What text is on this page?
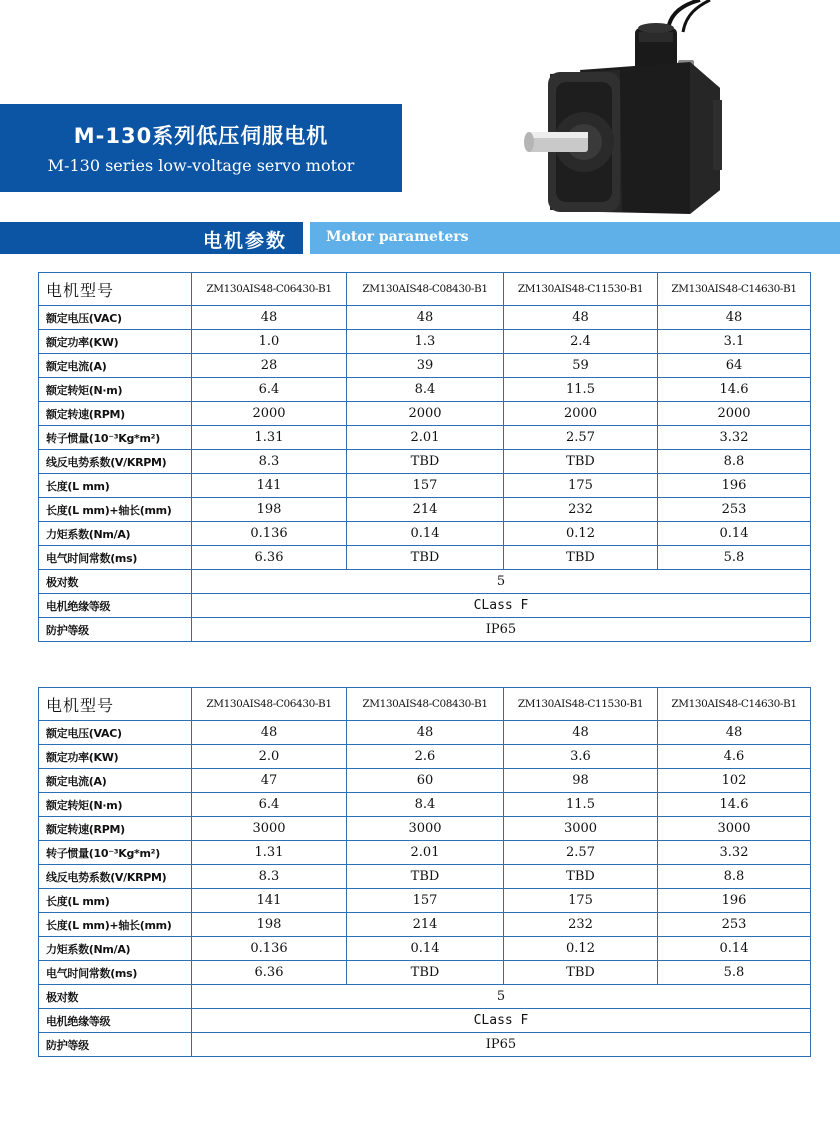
M-130系列低压伺服电机
M-130 series low-voltage servo motor
电机参数	Motor parameters
电机型号	ZM130AIS48-C06430-B1	ZM130AIS48-C08430-B1	ZM130AIS48-C11530-B1	ZM130AIS48-C14630-B1
额定电压(VAC)	48	48	48	48
额定功率(KW)	1.0	1.3	2.4	3.1
额定电流(A)	28	39	59	64
额定转矩(N·m)	6.4	8.4	11.5	14.6
额定转速(RPM)	2000	2000	2000	2000
转子惯量(10⁻³Kg*m²)	1.31	2.01	2.57	3.32
线反电势系数(V/KRPM)	8.3	TBD	TBD	8.8
长度(L mm)	141	157	175	196
长度(L mm)+轴长(mm)	198	214	232	253
力矩系数(Nm/A)	0.136	0.14	0.12	0.14
电气时间常数(ms)	6.36	TBD	TBD	5.8
极对数	5			
电机绝缘等级	CLass F			
防护等级	IP65			
电机型号	ZM130AIS48-C06430-B1	ZM130AIS48-C08430-B1	ZM130AIS48-C11530-B1	ZM130AIS48-C14630-B1
额定电压(VAC)	48	48	48	48
额定功率(KW)	2.0	2.6	3.6	4.6
额定电流(A)	47	60	98	102
额定转矩(N·m)	6.4	8.4	11.5	14.6
额定转速(RPM)	3000	3000	3000	3000
转子惯量(10⁻³Kg*m²)	1.31	2.01	2.57	3.32
线反电势系数(V/KRPM)	8.3	TBD	TBD	8.8
长度(L mm)	141	157	175	196
长度(L mm)+轴长(mm)	198	214	232	253
力矩系数(Nm/A)	0.136	0.14	0.12	0.14
电气时间常数(ms)	6.36	TBD	TBD	5.8
极对数	5			
电机绝缘等级	CLass F			
防护等级	IP65			
